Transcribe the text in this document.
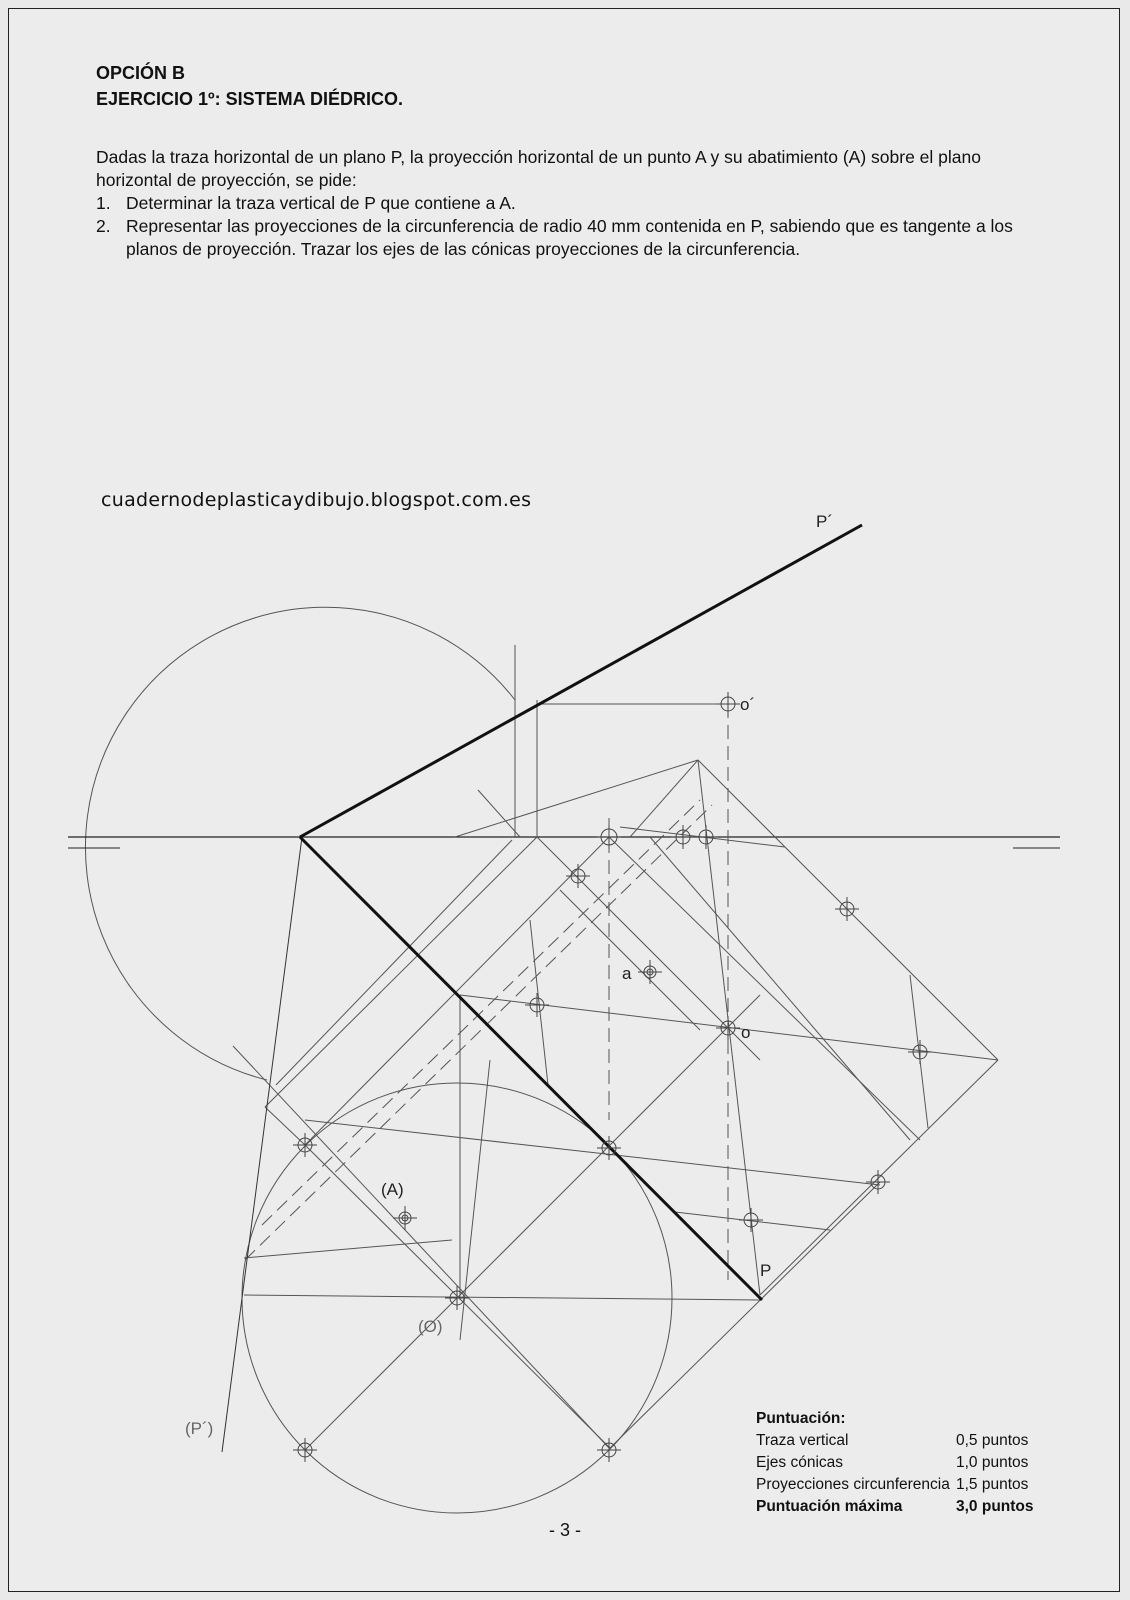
OPCIÓN B
EJERCICIO 1º: SISTEMA DIÉDRICO.

Dadas la traza horizontal de un plano P, la proyección horizontal de un punto A y su abatimiento (A) sobre el plano horizontal de proyección, se pide:

1. Determinar la traza vertical de P que contiene a A.
2. Representar las proyecciones de la circunferencia de radio 40 mm contenida en P, sabiendo que es tangente a los planos de proyección. Trazar los ejes de las cónicas proyecciones de la circunferencia.
cuadernodeplasticaydibujo.blogspot.com.es
P´
o´
a
o
(A)
P
(O)
(P´)
Puntuación:
Traza vertical	0,5 puntos
Ejes cónicas	1,0 puntos
Proyecciones circunferencia 1,5 puntos
Puntuación máxima	3,0 puntos
- 3 -
